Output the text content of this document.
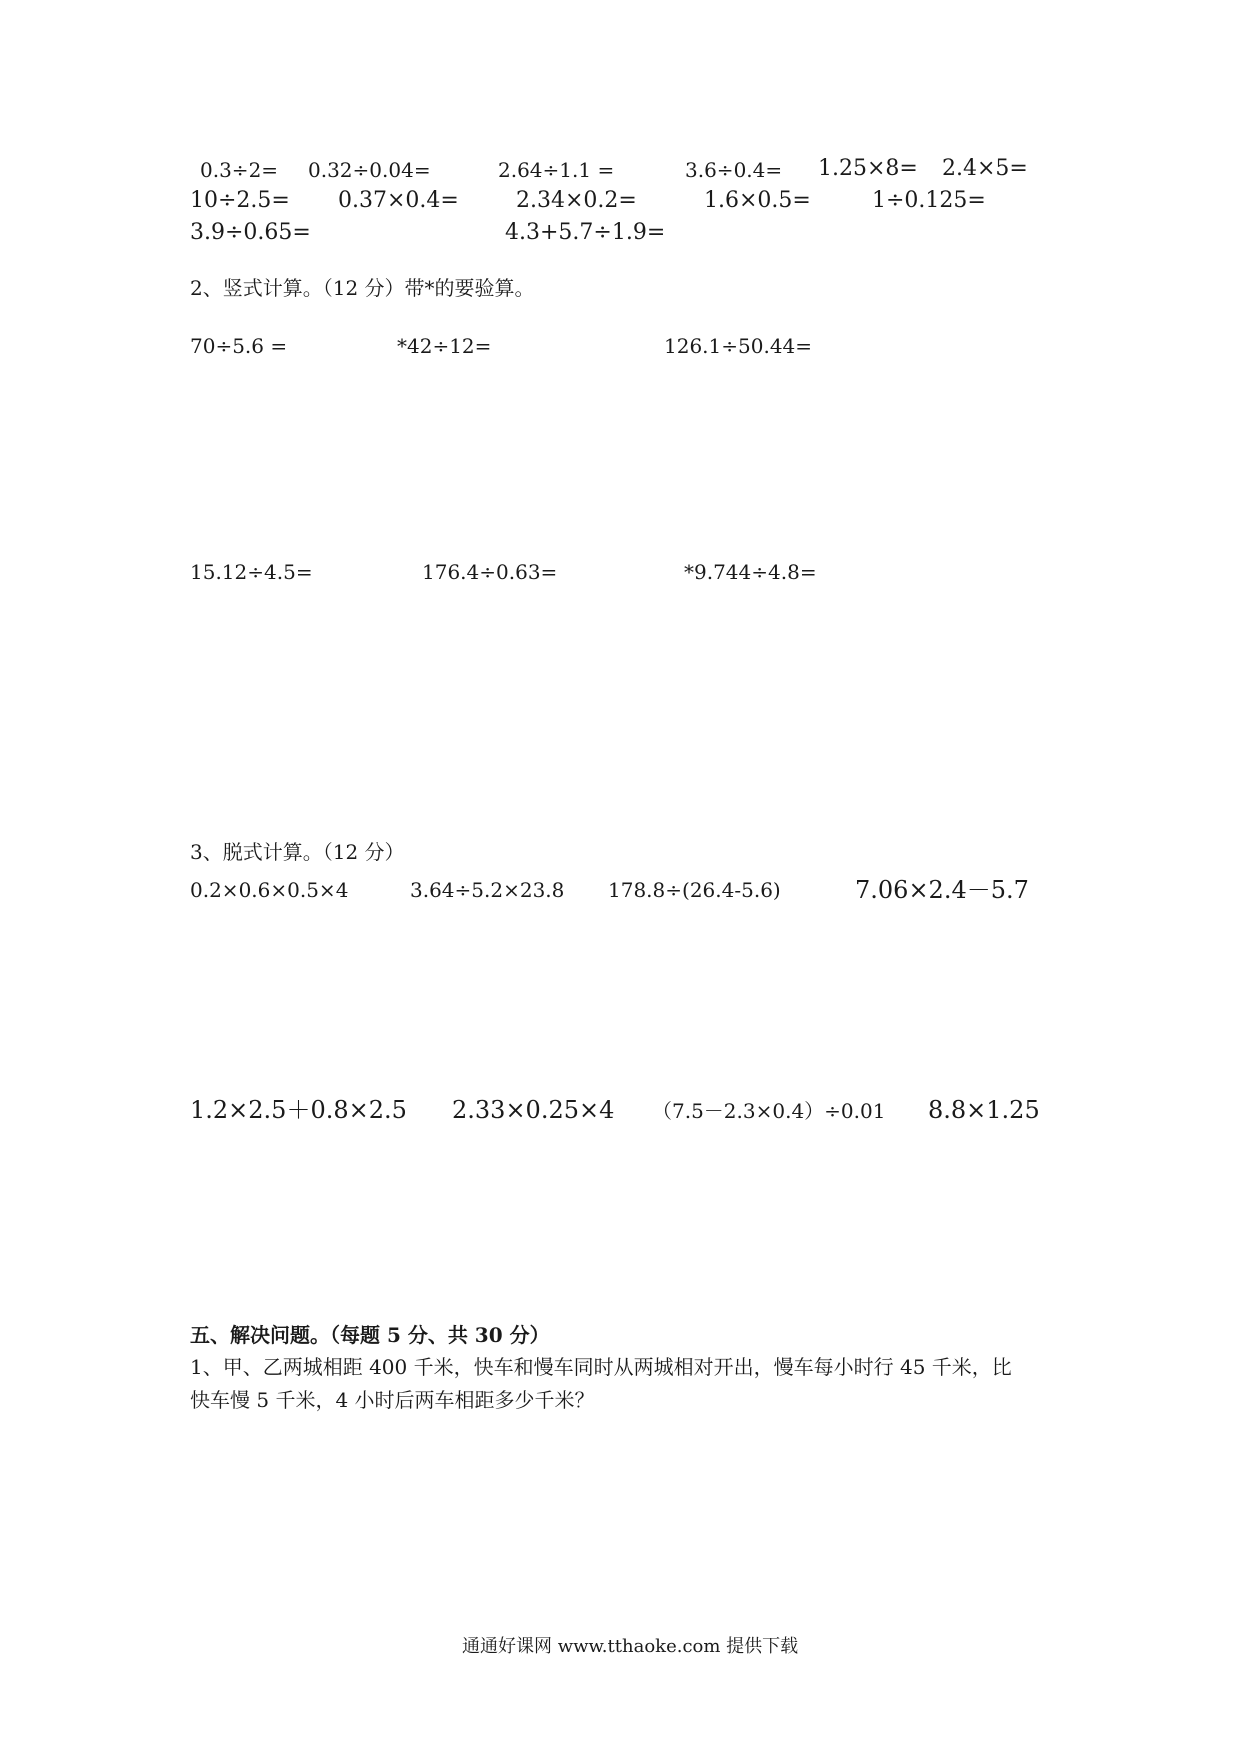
0.3÷2= 0.32÷0.04=	2.64÷1.1 =	3.6÷0.4= 1.25×8= 2.4×5=
10÷2.5= 0.37×0.4=	2.34×0.2=	1.6×0.5=	1÷0.125=
3.9÷0.65=	4.3+5.7÷1.9=
2、竖式计算。（12 分）带*的要验算。
70÷5.6 =	*42÷12=	126.1÷50.44=
15.12÷4.5=	176.4÷0.63=	*9.744÷4.8=
3、脱式计算。（12 分）
0.2×0.6×0.5×4	3.64÷5.2×23.8 178.8÷(26.4-5.6)	7.06×2.4－5.7
1.2×2.5＋0.8×2.5 2.33×0.25×4 （7.5－2.3×0.4）÷0.01 8.8×1.25
五、解决问题。（每题 5 分、共 30 分）
1、甲、乙两城相距 400 千米，快车和慢车同时从两城相对开出，慢车每小时行 45 千米，比
快车慢 5 千米，4 小时后两车相距多少千米？
通通好课网 www.tthaoke.com 提供下载
